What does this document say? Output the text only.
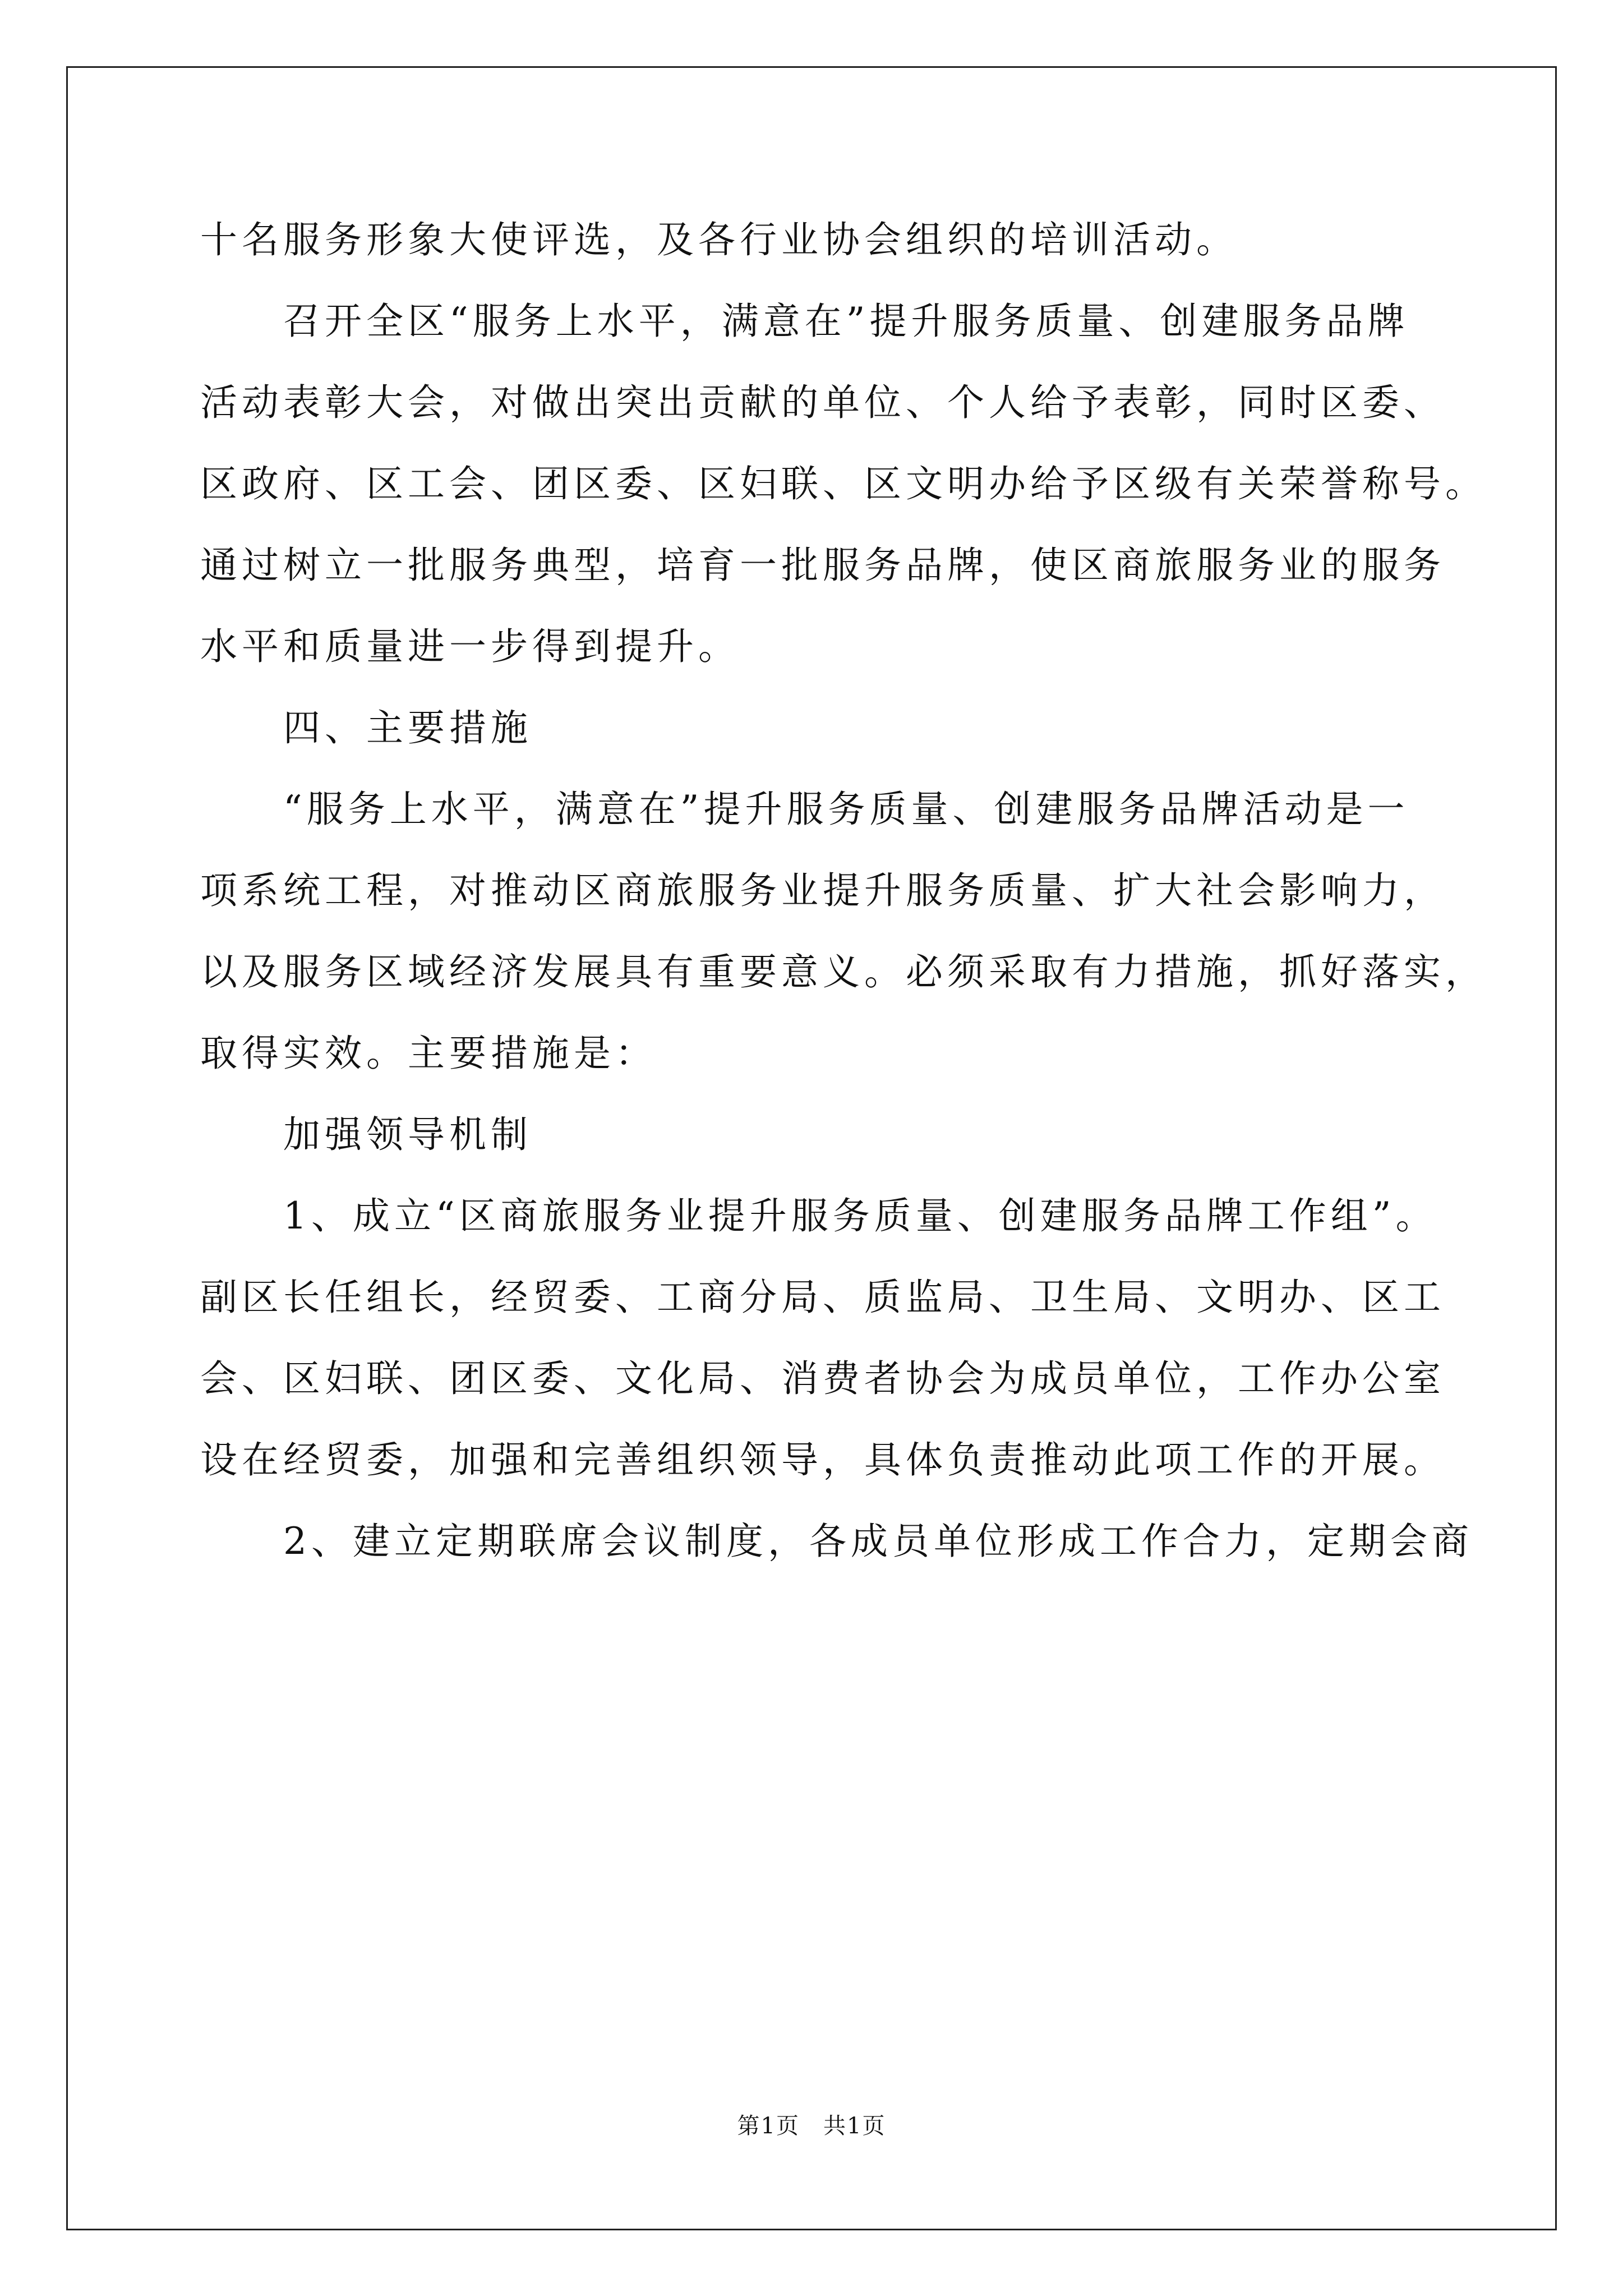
十名服务形象大使评选，及各行业协会组织的培训活动。
召开全区“服务上水平，满意在”提升服务质量、创建服务品牌
活动表彰大会，对做出突出贡献的单位、个人给予表彰，同时区委、
区政府、区工会、团区委、区妇联、区文明办给予区级有关荣誉称号。
通过树立一批服务典型，培育一批服务品牌，使区商旅服务业的服务
水平和质量进一步得到提升。
四、主要措施
“服务上水平，满意在”提升服务质量、创建服务品牌活动是一
项系统工程，对推动区商旅服务业提升服务质量、扩大社会影响力，
以及服务区域经济发展具有重要意义。必须采取有力措施，抓好落实，
取得实效。主要措施是：
加强领导机制
1、成立“区商旅服务业提升服务质量、创建服务品牌工作组”。
副区长任组长，经贸委、工商分局、质监局、卫生局、文明办、区工
会、区妇联、团区委、文化局、消费者协会为成员单位，工作办公室
设在经贸委，加强和完善组织领导，具体负责推动此项工作的开展。
2、建立定期联席会议制度，各成员单位形成工作合力，定期会商
第1页　共1页
